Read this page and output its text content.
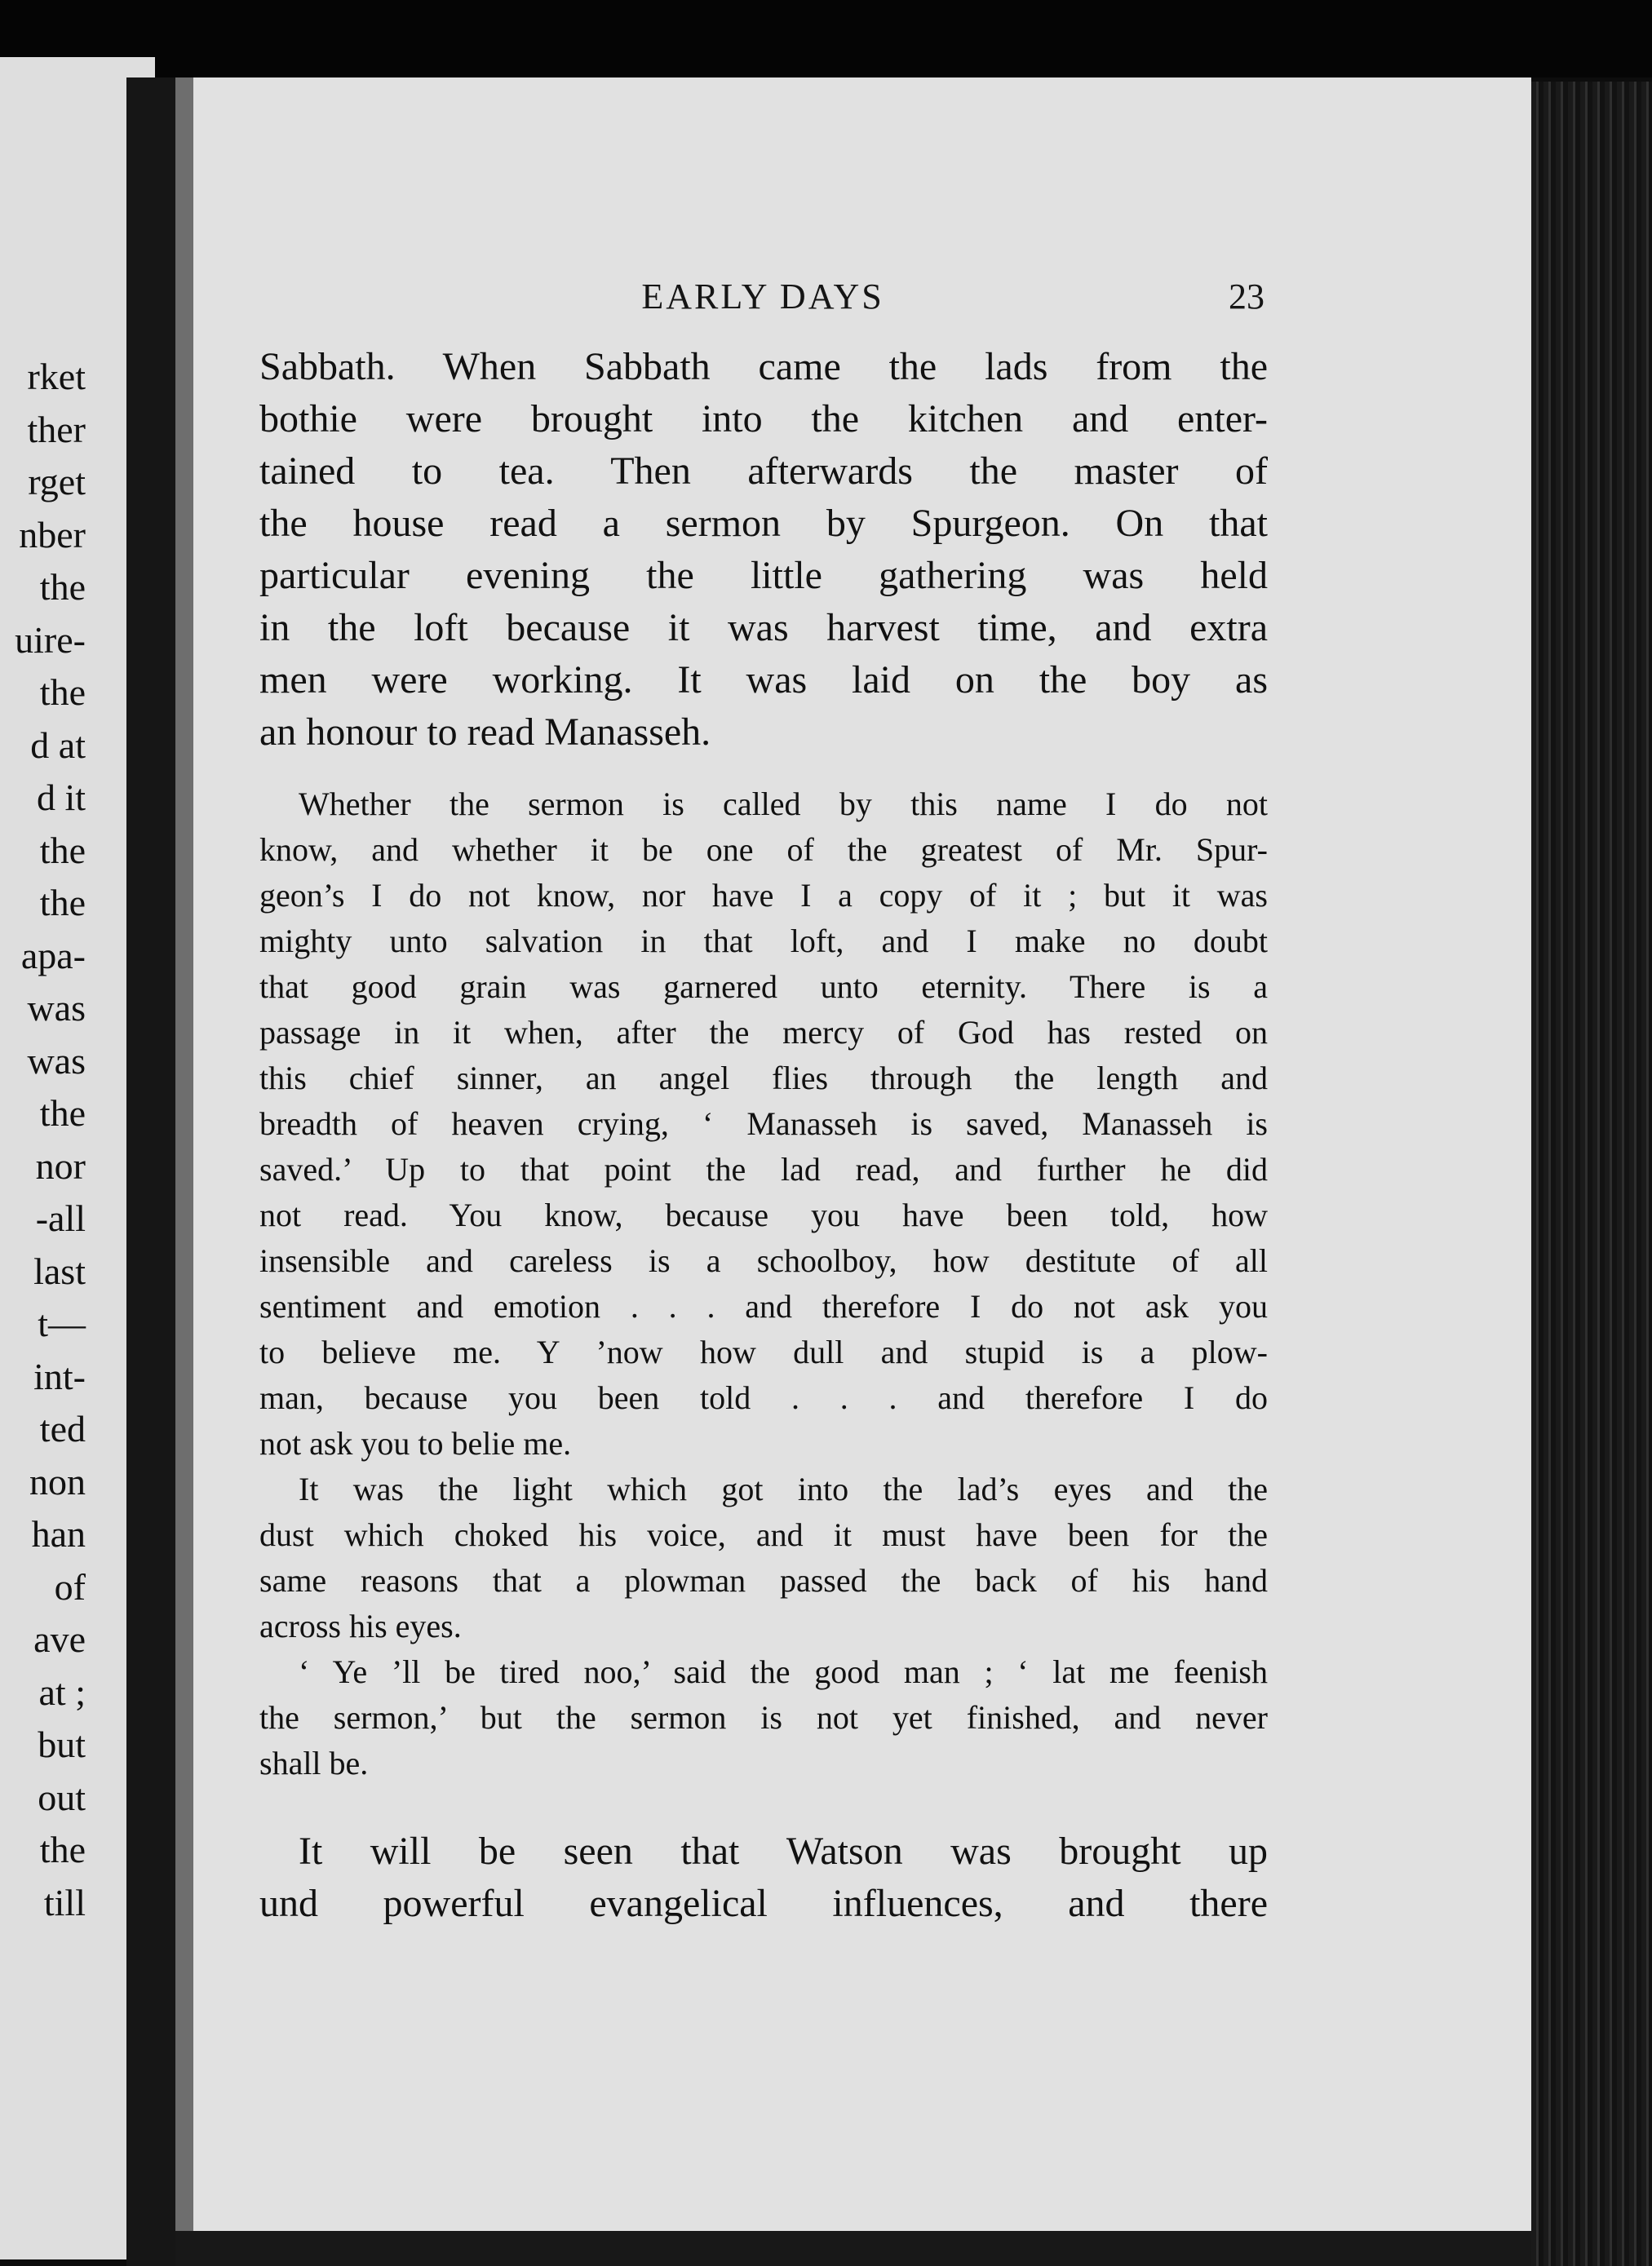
rket
ther
rget
nber
the
uire-
the
d at
d it
the
the
apa-
was
was
the
nor
-all
last
t—
int-
ted
non
han
of
ave
at ;
but
out
the
till
EARLY DAYS	23
Sabbath. When Sabbath came the lads from the
bothie were brought into the kitchen and enter-
tained to tea. Then afterwards the master of
the house read a sermon by Spurgeon. On that
particular evening the little gathering was held
in the loft because it was harvest time, and extra
men were working. It was laid on the boy as
an honour to read Manasseh.
Whether the sermon is called by this name I do not
know, and whether it be one of the greatest of Mr. Spur-
geon’s I do not know, nor have I a copy of it ; but it was
mighty unto salvation in that loft, and I make no doubt
that good grain was garnered unto eternity. There is a
passage in it when, after the mercy of God has rested on
this chief sinner, an angel flies through the length and
breadth of heaven crying, ‘ Manasseh is saved, Manasseh is
saved.’ Up to that point the lad read, and further he did
not read. You know, because you have been told, how
insensible and careless is a schoolboy, how destitute of all
sentiment and emotion . . . and therefore I do not ask you
to believe me. Y ’now how dull and stupid is a plow-
man, because you been told . . . and therefore I do
not ask you to belie me.
It was the light which got into the lad’s eyes and the
dust which choked his voice, and it must have been for the
same reasons that a plowman passed the back of his hand
across his eyes.
‘ Ye ’ll be tired noo,’ said the good man ; ‘ lat me feenish
the sermon,’ but the sermon is not yet finished, and never
shall be.
It will be seen that Watson was brought up
und powerful evangelical influences, and there
